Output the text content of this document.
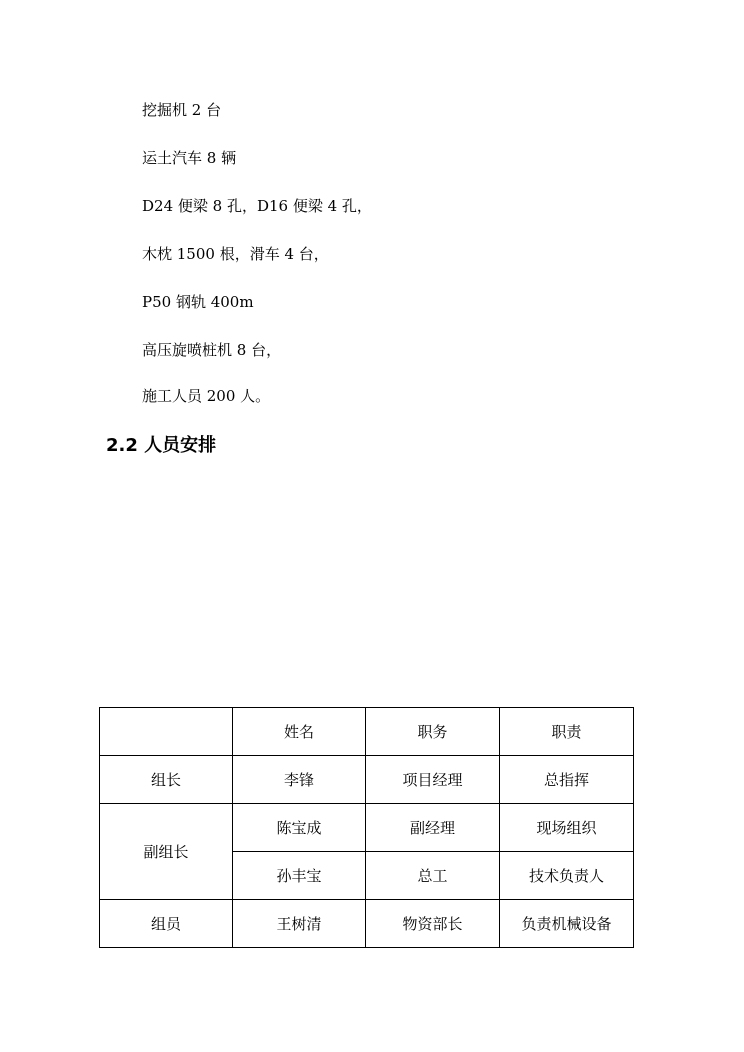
挖掘机 2 台
运土汽车 8 辆
D24 便梁 8 孔，D16 便梁 4 孔，
木枕 1500 根，滑车 4 台，
P50 钢轨 400m
高压旋喷桩机 8 台，
施工人员 200 人。
2.2 人员安排
	姓名	职务	职责
组长	李锋	项目经理	总指挥
副组长	陈宝成	副经理	现场组织
	孙丰宝	总工	技术负责人
组员	王树清	物资部长	负责机械设备
